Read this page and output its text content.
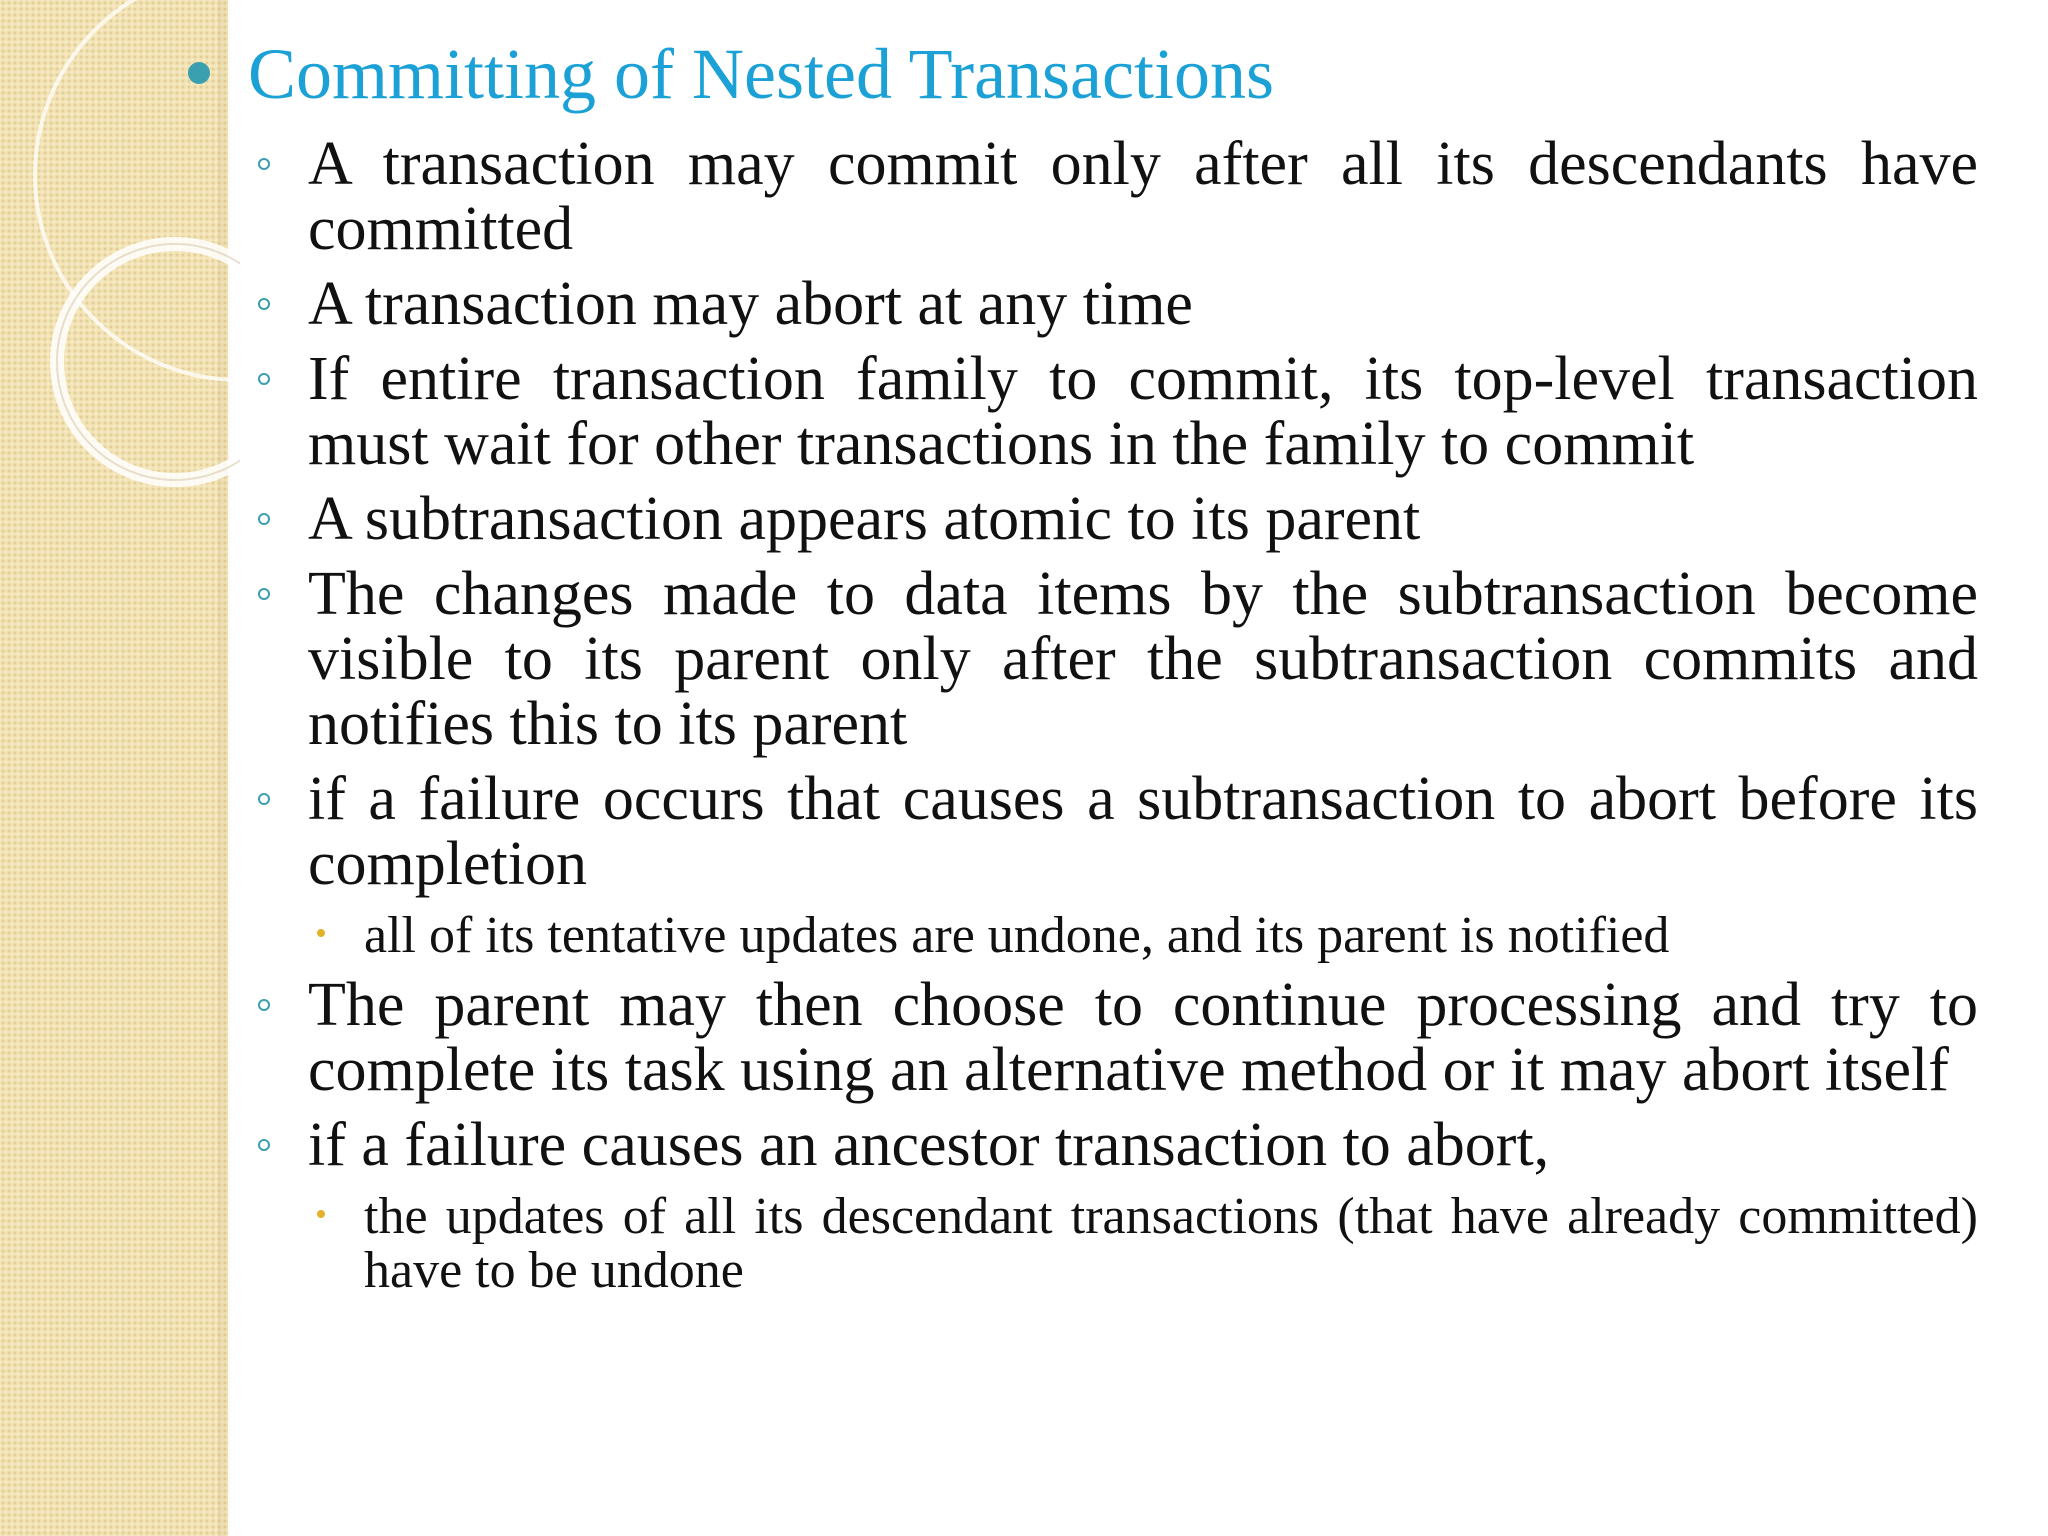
Committing of Nested Transactions
A transaction may commit only after all its descendants have committed
A transaction may abort at any time
If entire transaction family to commit, its top-level transaction must wait for other transactions in the family to commit
A subtransaction appears atomic to its parent
The changes made to data items by the subtransaction become visible to its parent only after the subtransaction commits and notifies this to its parent
if a failure occurs that causes a subtransaction to abort before its completion
all of its tentative updates are undone, and its parent is notified
The parent may then choose to continue processing and try to complete its task using an alternative method or it may abort itself
if a failure causes an ancestor transaction to abort,
the updates of all its descendant transactions (that have already committed) have to be undone
